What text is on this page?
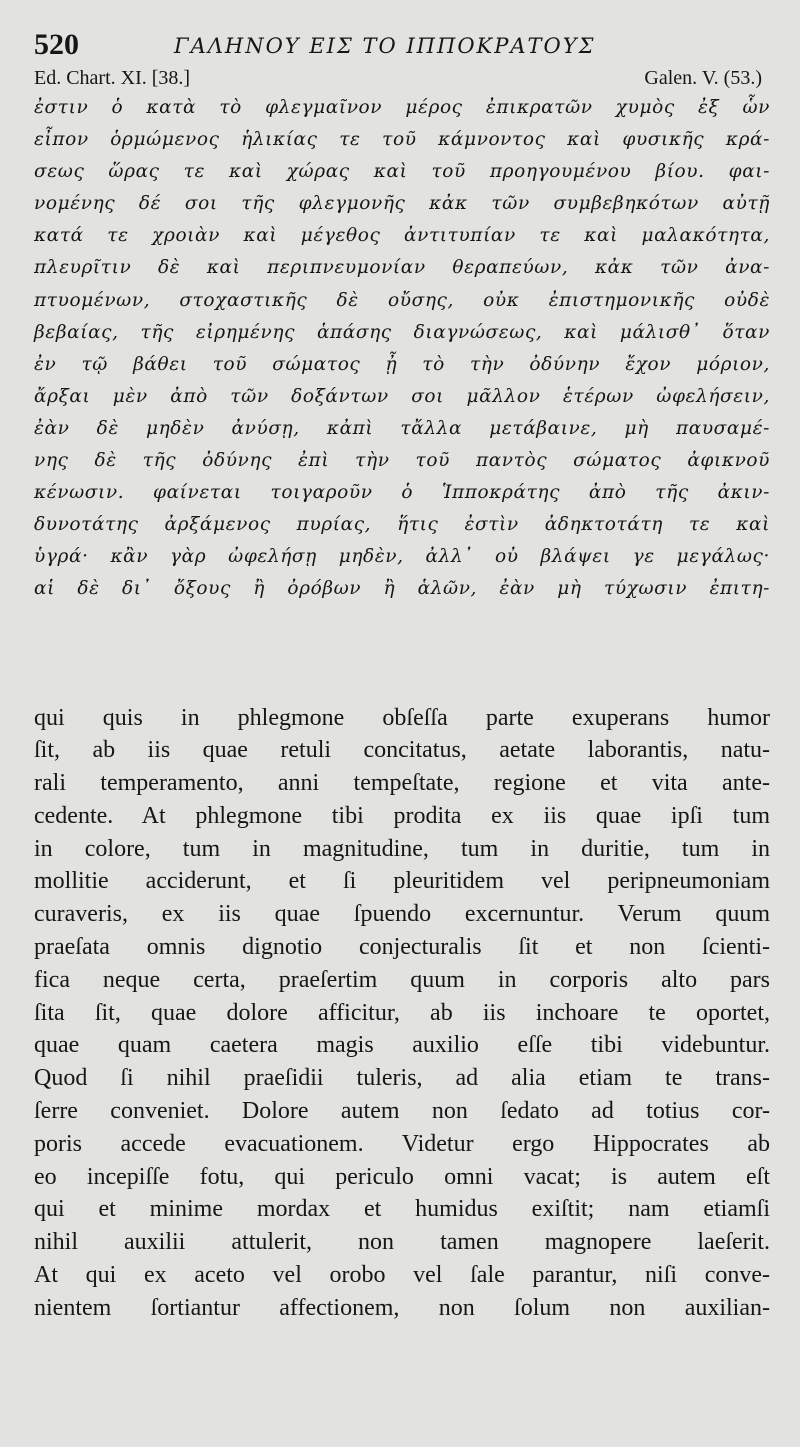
520	ΓΑΛΗΝΟΥ ΕΙΣ ΤΟ ΙΠΠΟΚΡΑΤΟΥΣ
Ed. Chart. XI. [38.]	Galen. V. (53.)
ἐστιν ὁ κατὰ τὸ φλεγμαῖνον μέρος ἐπικρατῶν χυμὸς ἐξ ὧν
εἶπον ὁρμώμενος ἡλικίας τε τοῦ κάμνοντος καὶ φυσικῆς κρά-
σεως ὥρας τε καὶ χώρας καὶ τοῦ προηγουμένου βίου. φαι-
νομένης δέ σοι τῆς φλεγμονῆς κἀκ τῶν συμβεβηκότων αὐτῇ
κατά τε χροιὰν καὶ μέγεθος ἀντιτυπίαν τε καὶ μαλακότητα,
πλευρῖτιν δὲ καὶ περιπνευμονίαν θεραπεύων, κἀκ τῶν ἀνα-
πτυομένων, στοχαστικῆς δὲ οὔσης, οὐκ ἐπιστημονικῆς οὐδὲ
βεβαίας, τῆς εἰρημένης ἁπάσης διαγνώσεως, καὶ μάλισθ᾽ ὅταν
ἐν τῷ βάθει τοῦ σώματος ᾖ τὸ τὴν ὀδύνην ἔχον μόριον,
ἄρξαι μὲν ἀπὸ τῶν δοξάντων σοι μᾶλλον ἑτέρων ὠφελήσειν,
ἐὰν δὲ μηδὲν ἀνύσῃ, κἀπὶ τἄλλα μετάβαινε, μὴ παυσαμέ-
νης δὲ τῆς ὀδύνης ἐπὶ τὴν τοῦ παντὸς σώματος ἀφικνοῦ
κένωσιν. φαίνεται τοιγαροῦν ὁ Ἱπποκράτης ἀπὸ τῆς ἀκιν-
δυνοτάτης ἀρξάμενος πυρίας, ἥτις ἐστὶν ἀδηκτοτάτη τε καὶ
ὑγρά· κἂν γὰρ ὠφελήσῃ μηδὲν, ἀλλ᾽ οὐ βλάψει γε μεγάλως·
αἱ δὲ δι᾽ ὄξους ἢ ὀρόβων ἢ ἁλῶν, ἐὰν μὴ τύχωσιν ἐπιτη-
qui quis in phlegmone obſeſſa parte exuperans humor
ſit, ab iis quae retuli concitatus, aetate laborantis, natu-
rali temperamento, anni tempeſtate, regione et vita ante-
cedente. At phlegmone tibi prodita ex iis quae ipſi tum
in colore, tum in magnitudine, tum in duritie, tum in
mollitie acciderunt, et ſi pleuritidem vel peripneumoniam
curaveris, ex iis quae ſpuendo excernuntur. Verum quum
praeſata omnis dignotio conjecturalis ſit et non ſcienti-
fica neque certa, praeſertim quum in corporis alto pars
ſita ſit, quae dolore afficitur, ab iis inchoare te oportet,
quae quam caetera magis auxilio eſſe tibi videbuntur.
Quod ſi nihil praeſidii tuleris, ad alia etiam te trans-
ſerre conveniet. Dolore autem non ſedato ad totius cor-
poris accede evacuationem. Videtur ergo Hippocrates ab
eo incepiſſe fotu, qui periculo omni vacat; is autem eſt
qui et minime mordax et humidus exiſtit; nam etiamſi
nihil auxilii attulerit, non tamen magnopere laeſerit.
At qui ex aceto vel orobo vel ſale parantur, niſi conve-
nientem ſortiantur affectionem, non ſolum non auxilian-
